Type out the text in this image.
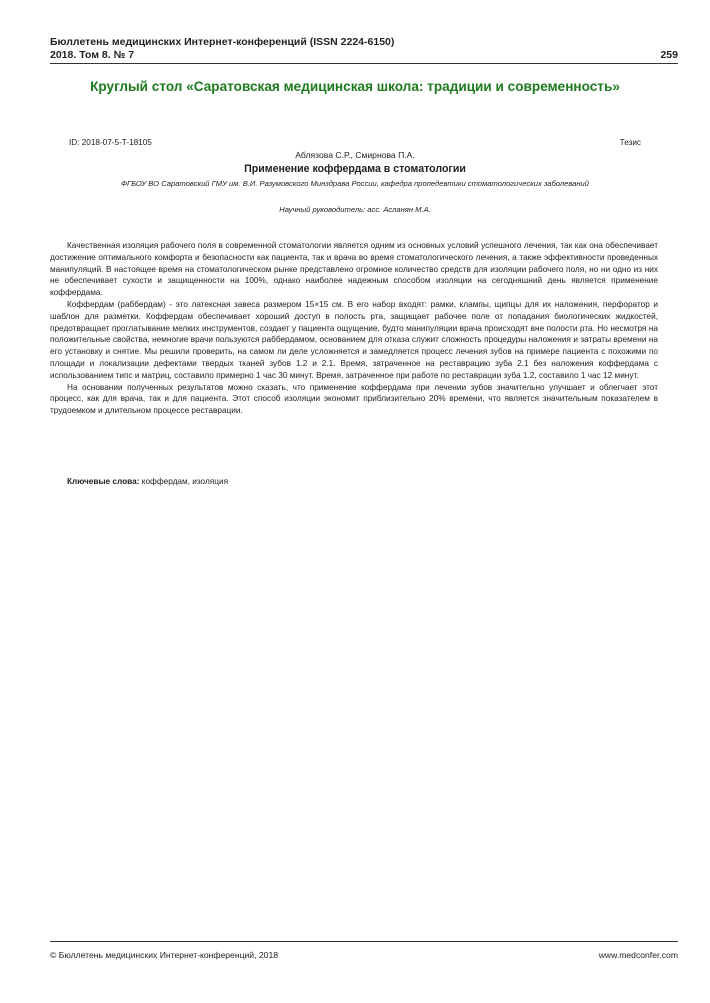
Бюллетень медицинских Интернет-конференций (ISSN 2224-6150)
2018. Том 8. № 7	259
Круглый стол «Саратовская медицинская школа: традиции и современность»
ID: 2018-07-5-T-18105	Тезис
Аблязова С.Р., Смирнова П.А.
Применение коффердама в стоматологии
ФГБОУ ВО Саратовский ГМУ им. В.И. Разумовского Минздрава России, кафедра пропедевтики стоматологических заболеваний
Научный руководитель: асс. Асланян М.А.

Качественная изоляция рабочего поля в современной стоматологии является одним из основных условий успешного лечения, так как она обеспечивает достижение оптимального комфорта и безопасности как пациента, так и врача во время стоматологического лечения, а также эффективности проведенных манипуляций. В настоящее время на стоматологическом рынке представлено огромное количество средств для изоляции рабочего поля, но ни одно из них не обеспечивает сухости и защищенности на 100%, однако наиболее надежным способом изоляции на сегодняшний день является применение коффердама.

Коффердам (раббердам) - это латексная завеса размером 15×15 см. В его набор входят: рамки, клампы, щипцы для их наложения, перфоратор и шаблон для разметки. Коффердам обеспечивает хороший доступ в полость рта, защищает рабочее поле от попадания биологических жидкостей, предотвращает проглатывание мелких инструментов, создает у пациента ощущение, будто манипуляции врача происходят вне полости рта. Но несмотря на положительные свойства, немногие врачи пользуются раббердамом, основанием для отказа служит сложность процедуры наложения и затраты времени на его установку и снятие. Мы решили проверить, на самом ли деле усложняется и замедляется процесс лечения зубов на примере пациента с похожими по площади и локализации дефектами твердых тканей зубов 1.2 и 2.1. Время, затраченное на реставрацию зуба 2.1 без наложения коффердама с использованием типс и матриц, составило примерно 1 час 30 минут. Время, затраченное при работе по реставрации зуба 1.2, составило 1 час 12 минут.

На основании полученных результатов можно сказать, что применение коффердама при лечении зубов значительно улучшает и облегчает этот процесс, как для врача, так и для пациента. Этот способ изоляции экономит приблизительно 20% времени, что является значительным показателем в трудоемком и длительном процессе реставрации.

Ключевые слова: коффердам, изоляция
© Бюллетень медицинских Интернет-конференций, 2018	www.medconfer.com
